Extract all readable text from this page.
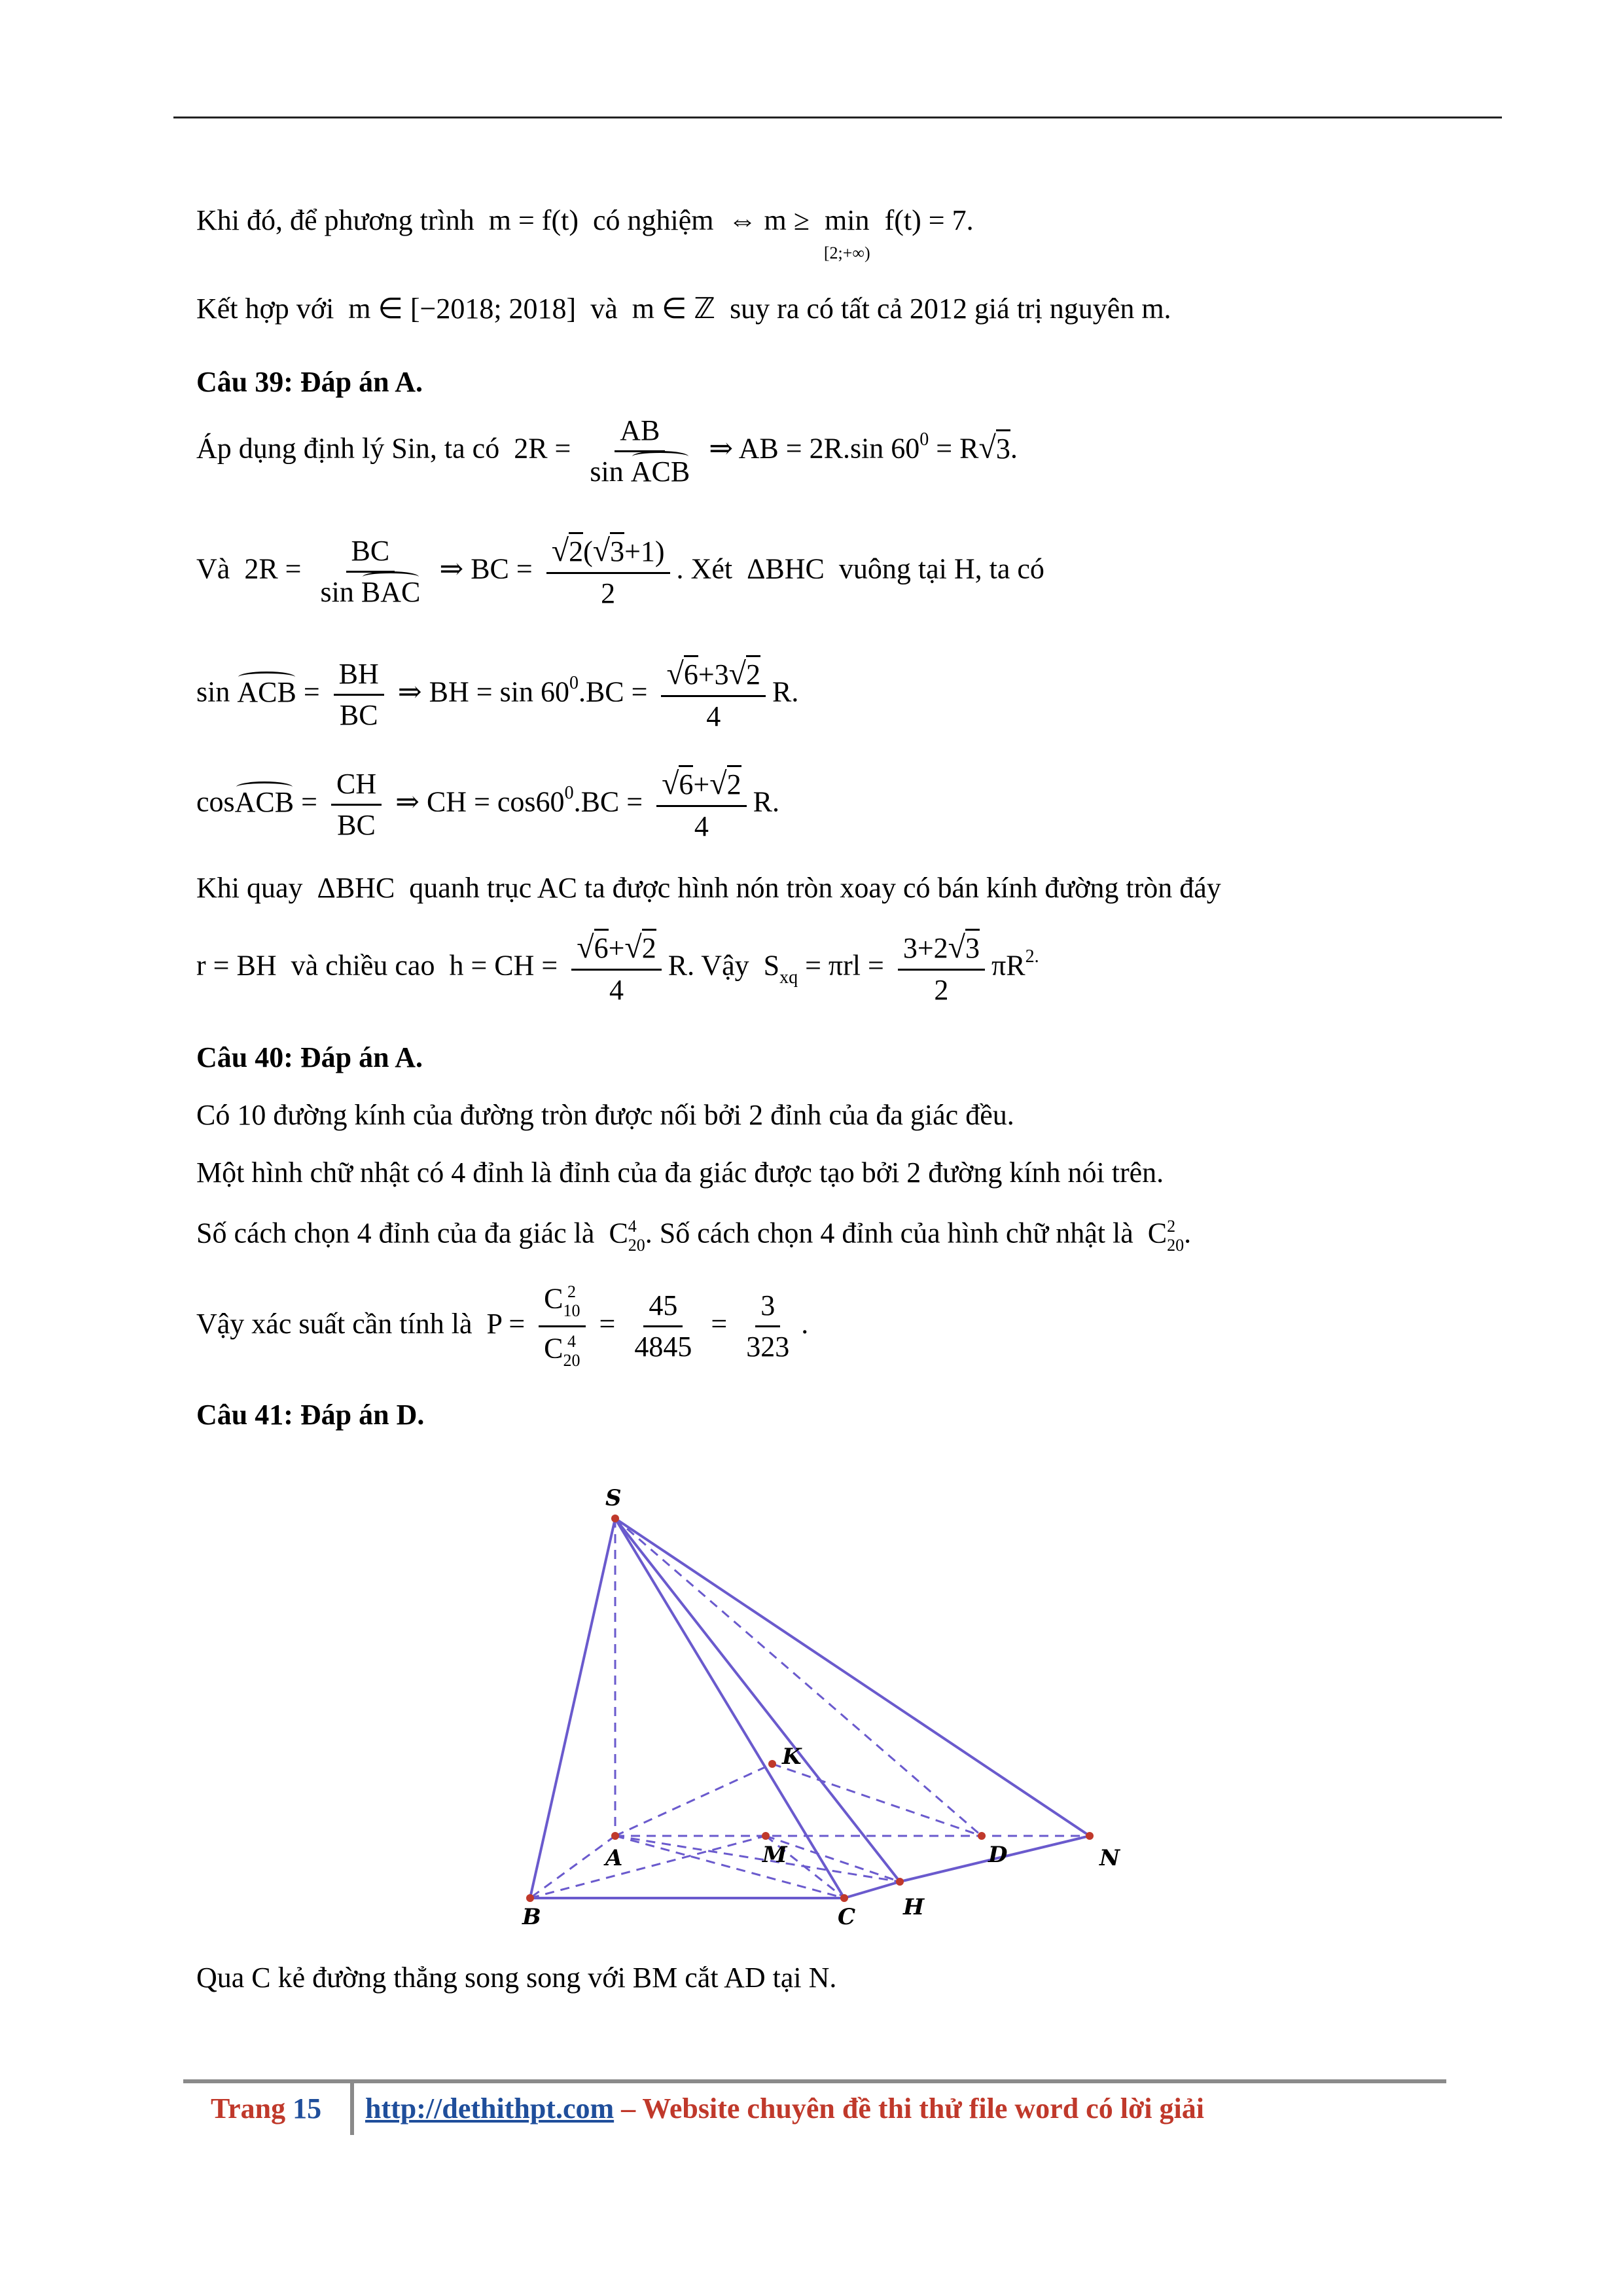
Khi đó, để phương trình m = f(t) có nghiệm ⇔ m ≥ min
[2;+∞)  f(t) = 7.
Kết hợp với m ∈ [−2018; 2018] và m ∈ ℤ suy ra có tất cả 2012 giá trị nguyên m.
Câu 39: Đáp án A.
Áp dụng định lý Sin, ta có $2R = \frac{AB}{\text{sin ACB}}$ ⇒ AB = 2R.sin $60^0 = R√3$.
Và $2R = \frac{BC}{\text{sin BAC}}$ ⇒ BC = $\frac{√2(√3+1)}{2}$ . Xét ΔBHC vuông tại H, ta có
sin ACB = $\frac{BH}{BC}$ ⇒ BH = $\sin 60^0.BC = \frac{√6+3√2}{4} R$.
cosACB = $\frac{CH}{BC}$ ⇒ CH = $\cos 60^0.BC = \frac{√6+√2}{4} R$.
Khi quay  ΔBHC  quanh trục AC ta được hình nón tròn xoay có bán kính đường tròn đáy
r = BH và chiều cao h = CH = $\frac{√6+√2}{4} R$. Vậy $S_{xq} = \pi rl = \frac{3+2√3}{2} \pi R^{2.}$
Câu 40: Đáp án A.
Có 10 đường kính của đường tròn được nối bởi 2 đỉnh của đa giác đều.
Một hình chữ nhật có 4 đỉnh là đỉnh của đa giác được tạo bởi 2 đường kính nói trên.
Số cách chọn 4 đỉnh của đa giác là C 4
20 . Số cách chọn 4 đỉnh của hình chữ nhật là C 2
20 .
Vậy xác suất cần tính là P = C 2
10
C 4
$20 = \frac{45}{4845} = \frac{3}{323}$ .
Câu 41: Đáp án D.
S
K
A	M	D	N
B	C H
Qua C kẻ đường thẳng song song với BM cắt AD tại N.
Trang 15 http://dethithpt.com – Website chuyên đề thi thử file word có lời giải
